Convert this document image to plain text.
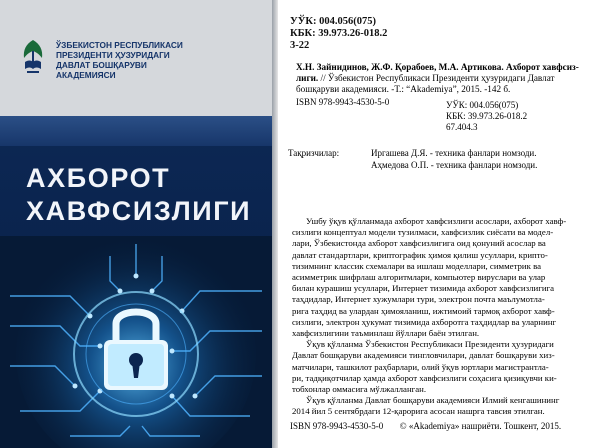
ЎЗБЕКИСТОН РЕСПУБЛИКАСИ
ПРЕЗИДЕНТИ ҲУЗУРИДАГИ
ДАВЛАТ БОШҚАРУВИ
АКАДЕМИЯСИ
АХБОРОТ
ХАВФСИЗЛИГИ
УЎК: 004.056(075)
КБК: 39.973.26-018.2
3-22
Х.Н. Зайнидинов, Ж.Ф. Қорабоев, М.А. Артикова. Ахборот хавфсиз-
лиги. // Ўзбекистон Республикаси Президенти ҳузуридаги Давлат
бошқаруви академияси. -Т.: “Akademiya”, 2015. -142 б.
ISBN 978-9943-4530-5-0	УЎК: 004.056(075)
КБК: 39.973.26-018.2
67.404.3
Тақризчилар:	Иргашева Д.Я. - техника фанлари номзоди.
Аҳмедова О.П. - техника фанлари номзоди.
Ушбу ўқув қўлланмада ахборот хавфсизлиги асослари, ахборот хавф-
сизлиги концептуал модели тузилмаси, хавфсизлик сиёсати ва модел-
лари, Ўзбекистонда ахборот хавфсизлигига оид қонуний асослар ва
давлат стандартлари, криптографик ҳимоя қилиш усуллари, крипто-
тизимнинг классик схемалари ва ишлаш моделлари, симметрик ва
асимметрик шифрлаш алгоритмлари, компьютер вируслари ва улар
билан курашиш усуллари, Интернет тизимида ахборот хавфсизлигига
таҳдидлар, Интернет хужумлари тури, электрон почта маълумотла-
рига таҳдид ва улардан ҳимояланиш, ижтимоий тармоқ ахборот хавф-
сизлиги, электрон ҳукумат тизимида ахборотга таҳдидлар ва уларнинг
хавфсизлигини таъминлаш йўллари баён этилган.
Ўқув қўлланма Ўзбекистон Республикаси Президенти ҳузуридаги
Давлат бошқаруви академияси тингловчилари, давлат бошқаруви хиз-
матчилари, ташкилот раҳбарлари, олий ўқув юртлари магистрантла-
ри, тадқиқотчилар ҳамда ахборот хавфсизлиги соҳасига қизиқувчи ки-
тобхонлар оммасига мўлжалланган.
Ўқув қўлланма Давлат бошқаруви академияси Илмий кенгашининг
2014 йил 5 сентябрдаги 12-қарорига асосан нашрга тавсия этилган.
ISBN 978-9943-4530-5-0 © «Akademiya» нашриёти. Тошкент, 2015.
